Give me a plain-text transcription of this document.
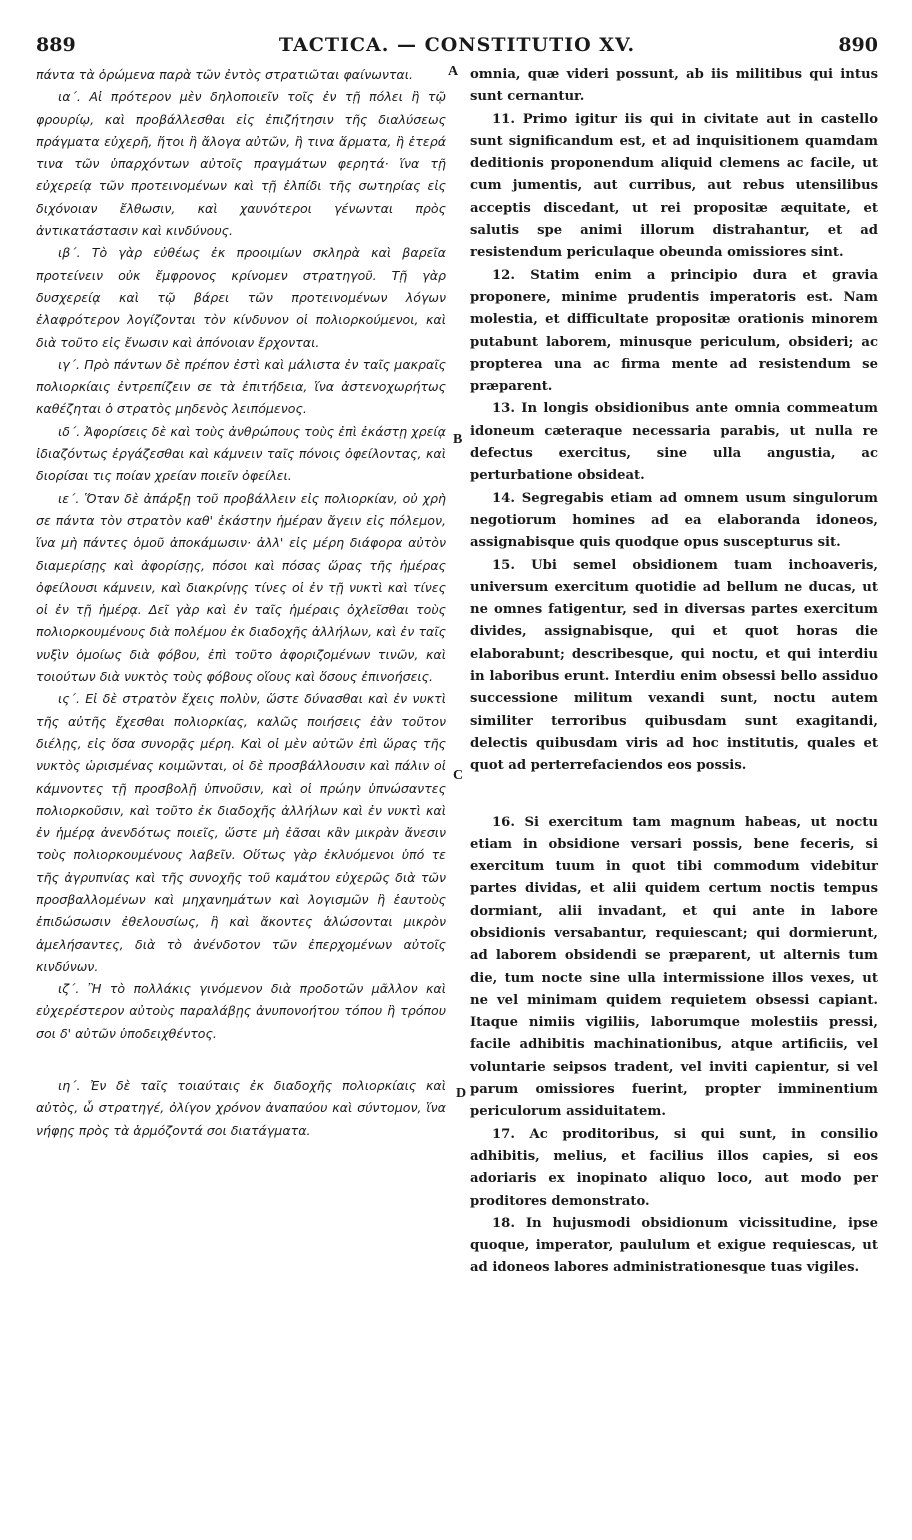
889	TACTICA. — CONSTITUTIO XV.	890

πάντα τὰ ὁρώμενα παρὰ τῶν ἐντὸς στρατιῶται φαίνωνται.

ια΄. Αἱ πρότερον μὲν δηλοποιεῖν τοῖς ἐν τῇ πόλει ἢ τῷ φρουρίῳ, καὶ προβάλλεσθαι εἰς ἐπιζήτησιν τῆς διαλύσεως πράγματα εὐχερῆ, ἤτοι ἢ ἄλογα αὐτῶν, ἢ τινα ἅρματα, ἢ ἑτερά τινα τῶν ὑπαρχόντων αὐτοῖς πραγμάτων φερητά· ἵνα τῇ εὐχερείᾳ τῶν προτεινομένων καὶ τῇ ἐλπίδι τῆς σωτηρίας εἰς διχόνοιαν ἔλθωσιν, καὶ χαυνότεροι γένωνται πρὸς ἀντικατάστασιν καὶ κινδύνους.

ιβ΄. Τὸ γὰρ εὐθέως ἐκ προοιμίων σκληρὰ καὶ βαρεῖα προτείνειν οὐκ ἔμφρονος κρίνομεν στρατηγοῦ. Τῇ γὰρ δυσχερείᾳ καὶ τῷ βάρει τῶν προτεινομένων λόγων ἐλαφρότερον λογίζονται τὸν κίνδυνον οἱ πολιορκούμενοι, καὶ διὰ τοῦτο εἰς ἔνωσιν καὶ ἀπόνοιαν ἔρχονται.

ιγ΄. Πρὸ πάντων δὲ πρέπον ἐστὶ καὶ μάλιστα ἐν ταῖς μακραῖς πολιορκίαις ἐντρεπίζειν σε τὰ ἐπιτήδεια, ἵνα ἀστενοχωρήτως καθέζηται ὁ στρατὸς μηδενὸς λειπόμενος.

ιδ΄. Ἀφορίσεις δὲ καὶ τοὺς ἀνθρώπους τοὺς ἐπὶ ἑκάστῃ χρείᾳ ἰδιαζόντως ἐργάζεσθαι καὶ κάμνειν ταῖς πόνοις ὀφείλοντας, καὶ διορίσαι τις ποίαν χρείαν ποιεῖν ὀφείλει.

ιε΄. Ὅταν δὲ ἀπάρξῃ τοῦ προβάλλειν εἰς πολιορκίαν, οὐ χρὴ σε πάντα τὸν στρατὸν καθ' ἑκάστην ἡμέραν ἄγειν εἰς πόλεμον, ἵνα μὴ πάντες ὁμοῦ ἀποκάμωσιν· ἀλλ' εἰς μέρη διάφορα αὐτὸν διαμερίσῃς καὶ ἀφορίσῃς, πόσοι καὶ πόσας ὥρας τῆς ἡμέρας ὀφείλουσι κάμνειν, καὶ διακρίνῃς τίνες οἱ ἐν τῇ νυκτὶ καὶ τίνες οἱ ἐν τῇ ἡμέρᾳ. Δεῖ γὰρ καὶ ἐν ταῖς ἡμέραις ὀχλεῖσθαι τοὺς πολιορκουμένους διὰ πολέμου ἐκ διαδοχῆς ἀλλήλων, καὶ ἐν ταῖς νυξὶν ὁμοίως διὰ φόβου, ἐπὶ τοῦτο ἀφοριζομένων τινῶν, καὶ τοιούτων διὰ νυκτὸς τοὺς φόβους οἵους καὶ ὅσους ἐπινοήσεις.

ις΄. Εἰ δὲ στρατὸν ἔχεις πολὺν, ὥστε δύνασθαι καὶ ἐν νυκτὶ τῆς αὐτῆς ἔχεσθαι πολιορκίας, καλῶς ποιήσεις ἐὰν τοῦτον διέλῃς, εἰς ὅσα συνορᾷς μέρη. Καὶ οἱ μὲν αὐτῶν ἐπὶ ὥρας τῆς νυκτὸς ὡρισμένας κοιμῶνται, οἱ δὲ προσβάλλουσιν καὶ πάλιν οἱ κάμνοντες τῇ προσβολῇ ὑπνοῦσιν, καὶ οἱ πρώην ὑπνώσαντες πολιορκοῦσιν, καὶ τοῦτο ἐκ διαδοχῆς ἀλλήλων καὶ ἐν νυκτὶ καὶ ἐν ἡμέρᾳ ἀνενδότως ποιεῖς, ὥστε μὴ ἐᾶσαι κἂν μικρὰν ἄνεσιν τοὺς πολιορκουμένους λαβεῖν. Οὕτως γὰρ ἐκλυόμενοι ὑπό τε τῆς ἀγρυπνίας καὶ τῆς συνοχῆς τοῦ καμάτου εὐχερῶς διὰ τῶν προσβαλλομένων καὶ μηχανημάτων καὶ λογισμῶν ἢ ἑαυτοὺς ἐπιδώσωσιν ἐθελουσίως, ἢ καὶ ἄκοντες ἁλώσονται μικρὸν ἀμελήσαντες, διὰ τὸ ἀνένδοτον τῶν ἐπερχομένων αὐτοῖς κινδύνων.

ιζ΄. Ἢ τὸ πολλάκις γινόμενον διὰ προδοτῶν μᾶλλον καὶ εὐχερέστερον αὐτοὺς παραλάβῃς ἀνυπονοήτου τόπου ἢ τρόπου σοι δ' αὐτῶν ὑποδειχθέντος.

ιη΄. Ἐν δὲ ταῖς τοιαύταις ἐκ διαδοχῆς πολιορκίαις καὶ αὐτὸς, ὦ στρατηγέ, ὀλίγον χρόνον ἀναπαύου καὶ σύντομον, ἵνα νήφῃς πρὸς τὰ ἁρμόζοντά σοι διατάγματα.

omnia, quæ videri possunt, ab iis militibus qui intus sunt cernantur.

11. Primo igitur iis qui in civitate aut in castello sunt significandum est, et ad inquisitionem quamdam deditionis proponendum aliquid clemens ac facile, ut cum jumentis, aut curribus, aut rebus utensilibus acceptis discedant, ut rei propositæ æquitate, et salutis spe animi illorum distrahantur, et ad resistendum periculaque obeunda omissiores sint.

12. Statim enim a principio dura et gravia proponere, minime prudentis imperatoris est. Nam molestia, et difficultate propositæ orationis minorem putabunt laborem, minusque periculum, obsideri; ac propterea una ac firma mente ad resistendum se præparent.

13. In longis obsidionibus ante omnia commeatum idoneum cæteraque necessaria parabis, ut nulla re defectus exercitus, sine ulla angustia, ac perturbatione obsideat.

14. Segregabis etiam ad omnem usum singulorum negotiorum homines ad ea elaboranda idoneos, assignabisque quis quodque opus suscepturus sit.

15. Ubi semel obsidionem tuam inchoaveris, universum exercitum quotidie ad bellum ne ducas, ut ne omnes fatigentur, sed in diversas partes exercitum divides, assignabisque, qui et quot horas die elaborabunt; describesque, qui noctu, et qui interdiu in laboribus erunt. Interdiu enim obsessi bello assiduo successione militum vexandi sunt, noctu autem similiter terroribus quibusdam sunt exagitandi, delectis quibusdam viris ad hoc institutis, quales et quot ad perterrefaciendos eos possis.

16. Si exercitum tam magnum habeas, ut noctu etiam in obsidione versari possis, bene feceris, si exercitum tuum in quot tibi commodum videbitur partes dividas, et alii quidem certum noctis tempus dormiant, alii invadant, et qui ante in labore obsidionis versabantur, requiescant; qui dormierunt, ad laborem obsidendi se præparent, ut alternis tum die, tum nocte sine ulla intermissione illos vexes, ut ne vel minimam quidem requietem obsessi capiant. Itaque nimiis vigiliis, laborumque molestiis pressi, facile adhibitis machinationibus, atque artificiis, vel voluntarie seipsos tradent, vel inviti capientur, si vel parum omissiores fuerint, propter imminentium periculorum assiduitatem.

17. Ac proditoribus, si qui sunt, in consilio adhibitis, melius, et facilius illos capies, si eos adoriaris ex inopinato aliquo loco, aut modo per proditores demonstrato.

18. In hujusmodi obsidionum vicissitudine, ipse quoque, imperator, paululum et exigue requiescas, ut ad idoneos labores administrationesque tuas vigiles.

A
B
C
D
